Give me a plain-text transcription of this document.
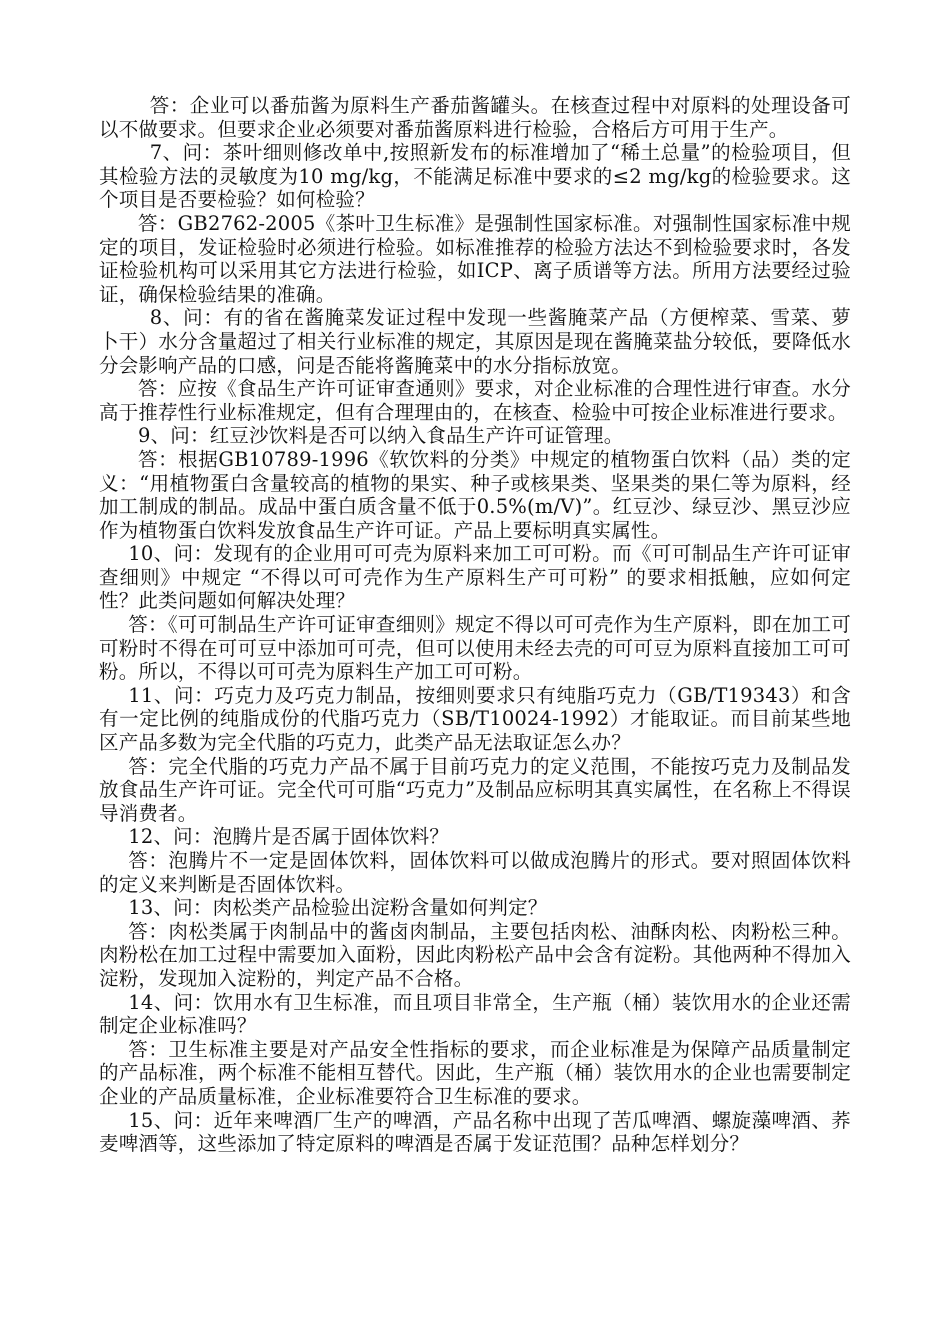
答：企业可以番茄酱为原料生产番茄酱罐头。在核查过程中对原料的处理设备可以不做要求。但要求企业必须要对番茄酱原料进行检验，合格后方可用于生产。

7、问：茶叶细则修改单中,按照新发布的标准增加了“稀土总量”的检验项目，但其检验方法的灵敏度为10 mg/kg，不能满足标准中要求的≤2 mg/kg的检验要求。这个项目是否要检验？如何检验？

答：GB2762-2005《茶叶卫生标准》是强制性国家标准。对强制性国家标准中规定的项目，发证检验时必须进行检验。如标准推荐的检验方法达不到检验要求时，各发证检验机构可以采用其它方法进行检验，如ICP、离子质谱等方法。所用方法要经过验证，确保检验结果的准确。

8、问：有的省在酱腌菜发证过程中发现一些酱腌菜产品（方便榨菜、雪菜、萝卜干）水分含量超过了相关行业标准的规定，其原因是现在酱腌菜盐分较低，要降低水分会影响产品的口感，问是否能将酱腌菜中的水分指标放宽。

答：应按《食品生产许可证审查通则》要求，对企业标准的合理性进行审查。水分高于推荐性行业标准规定，但有合理理由的，在核查、检验中可按企业标准进行要求。

9、问：红豆沙饮料是否可以纳入食品生产许可证管理。

答：根据GB10789-1996《软饮料的分类》中规定的植物蛋白饮料（品）类的定义：“用植物蛋白含量较高的植物的果实、种子或核果类、坚果类的果仁等为原料，经加工制成的制品。成品中蛋白质含量不低于0.5%(m/V)”。红豆沙、绿豆沙、黑豆沙应作为植物蛋白饮料发放食品生产许可证。产品上要标明真实属性。

10、问：发现有的企业用可可壳为原料来加工可可粉。而《可可制品生产许可证审查细则》中规定 “不得以可可壳作为生产原料生产可可粉” 的要求相抵触，应如何定性？此类问题如何解决处理？

答：《可可制品生产许可证审查细则》规定不得以可可壳作为生产原料，即在加工可可粉时不得在可可豆中添加可可壳，但可以使用未经去壳的可可豆为原料直接加工可可粉。所以，不得以可可壳为原料生产加工可可粉。

11、问：巧克力及巧克力制品，按细则要求只有纯脂巧克力（GB/T19343）和含有一定比例的纯脂成份的代脂巧克力（SB/T10024-1992）才能取证。而目前某些地区产品多数为完全代脂的巧克力，此类产品无法取证怎么办？

答：完全代脂的巧克力产品不属于目前巧克力的定义范围，不能按巧克力及制品发放食品生产许可证。完全代可可脂“巧克力”及制品应标明其真实属性，在名称上不得误导消费者。

12、问：泡腾片是否属于固体饮料？

答：泡腾片不一定是固体饮料，固体饮料可以做成泡腾片的形式。要对照固体饮料的定义来判断是否固体饮料。

13、问：肉松类产品检验出淀粉含量如何判定？

答：肉松类属于肉制品中的酱卤肉制品，主要包括肉松、油酥肉松、肉粉松三种。肉粉松在加工过程中需要加入面粉，因此肉粉松产品中会含有淀粉。其他两种不得加入淀粉，发现加入淀粉的，判定产品不合格。

14、问：饮用水有卫生标准，而且项目非常全，生产瓶（桶）装饮用水的企业还需制定企业标准吗？

答：卫生标准主要是对产品安全性指标的要求，而企业标准是为保障产品质量制定的产品标准，两个标准不能相互替代。因此，生产瓶（桶）装饮用水的企业也需要制定企业的产品质量标准，企业标准要符合卫生标准的要求。

15、问：近年来啤酒厂生产的啤酒，产品名称中出现了苦瓜啤酒、螺旋藻啤酒、荞麦啤酒等，这些添加了特定原料的啤酒是否属于发证范围？品种怎样划分？
